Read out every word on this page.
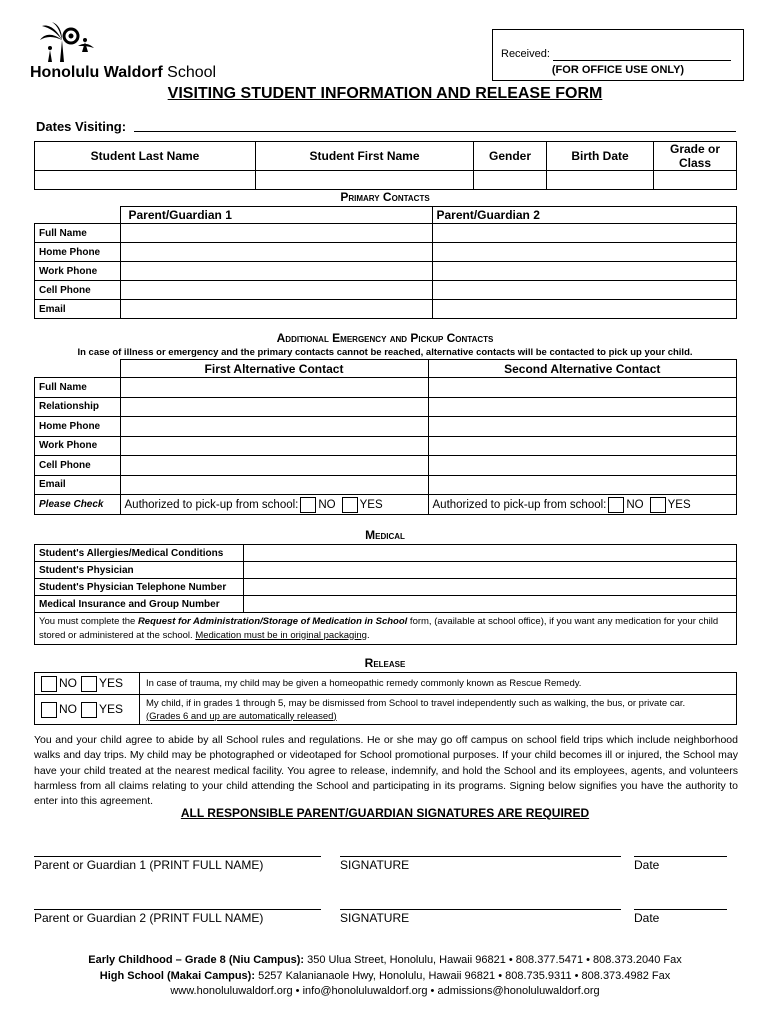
Honolulu Waldorf School
Received:
(FOR OFFICE USE ONLY)
VISITING STUDENT INFORMATION AND RELEASE FORM
Dates Visiting:
Student Last Name	Student First Name	Gender	Birth Date	Grade or Class

Primary Contacts
	Parent/Guardian 1	Parent/Guardian 2
Full Name		
Home Phone		
Work Phone		
Cell Phone		
Email		
Additional Emergency and Pickup Contacts
In case of illness or emergency and the primary contacts cannot be reached, alternative contacts will be contacted to pick up your child.
	First Alternative Contact	Second Alternative Contact
Full Name		
Relationship		
Home Phone		
Work Phone		
Cell Phone		
Email		
Please Check	Authorized to pick-up from school: NO YES	Authorized to pick-up from school: NO YES
Medical
Student's Allergies/Medical Conditions	
Student's Physician	
Student's Physician Telephone Number	
Medical Insurance and Group Number	
You must complete the Request for Administration/Storage of Medication in School form, (available at school office), if you want any medication for your child stored or administered at the school. Medication must be in original packaging.	
Release
NO YES	In case of trauma, my child may be given a homeopathic remedy commonly known as Rescue Remedy.
NO YES	My child, if in grades 1 through 5, may be dismissed from School to travel independently such as walking, the bus, or private car.
(Grades 6 and up are automatically released)
You and your child agree to abide by all School rules and regulations. He or she may go off campus on school field trips which include neighborhood walks and day trips. My child may be photographed or videotaped for School promotional purposes. If your child becomes ill or injured, the School may have your child treated at the nearest medical facility. You agree to release, indemnify, and hold the School and its employees, agents, and volunteers harmless from all claims relating to your child attending the School and participating in its programs. Signing below signifies you have the authority to enter into this agreement.
ALL RESPONSIBLE PARENT/GUARDIAN SIGNATURES ARE REQUIRED
Parent or Guardian 1 (PRINT FULL NAME)	SIGNATURE	Date
Parent or Guardian 2 (PRINT FULL NAME)	SIGNATURE	Date
Early Childhood – Grade 8 (Niu Campus): 350 Ulua Street, Honolulu, Hawaii 96821 • 808.377.5471 • 808.373.2040 Fax
High School (Makai Campus): 5257 Kalanianaole Hwy, Honolulu, Hawaii 96821 • 808.735.9311 • 808.373.4982 Fax
www.honoluluwaldorf.org • info@honoluluwaldorf.org • admissions@honoluluwaldorf.org
